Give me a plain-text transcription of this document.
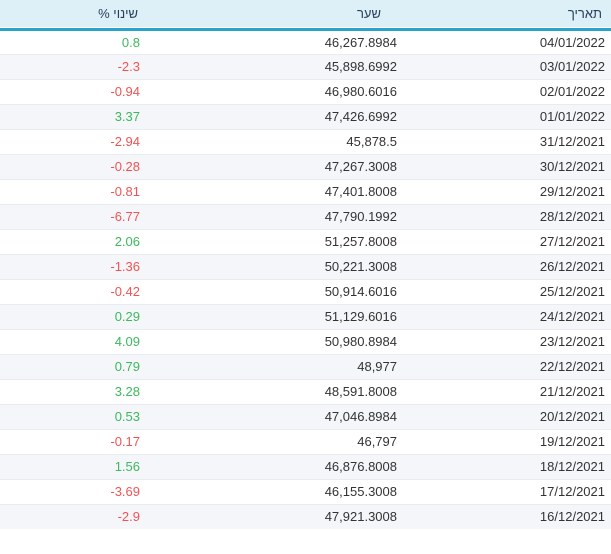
תאריך	שער	שינוי %
04/01/2022	46,267.8984	0.8
03/01/2022	45,898.6992	-2.3
02/01/2022	46,980.6016	-0.94
01/01/2022	47,426.6992	3.37
31/12/2021	45,878.5	-2.94
30/12/2021	47,267.3008	-0.28
29/12/2021	47,401.8008	-0.81
28/12/2021	47,790.1992	-6.77
27/12/2021	51,257.8008	2.06
26/12/2021	50,221.3008	-1.36
25/12/2021	50,914.6016	-0.42
24/12/2021	51,129.6016	0.29
23/12/2021	50,980.8984	4.09
22/12/2021	48,977	0.79
21/12/2021	48,591.8008	3.28
20/12/2021	47,046.8984	0.53
19/12/2021	46,797	-0.17
18/12/2021	46,876.8008	1.56
17/12/2021	46,155.3008	-3.69
16/12/2021	47,921.3008	-2.9
